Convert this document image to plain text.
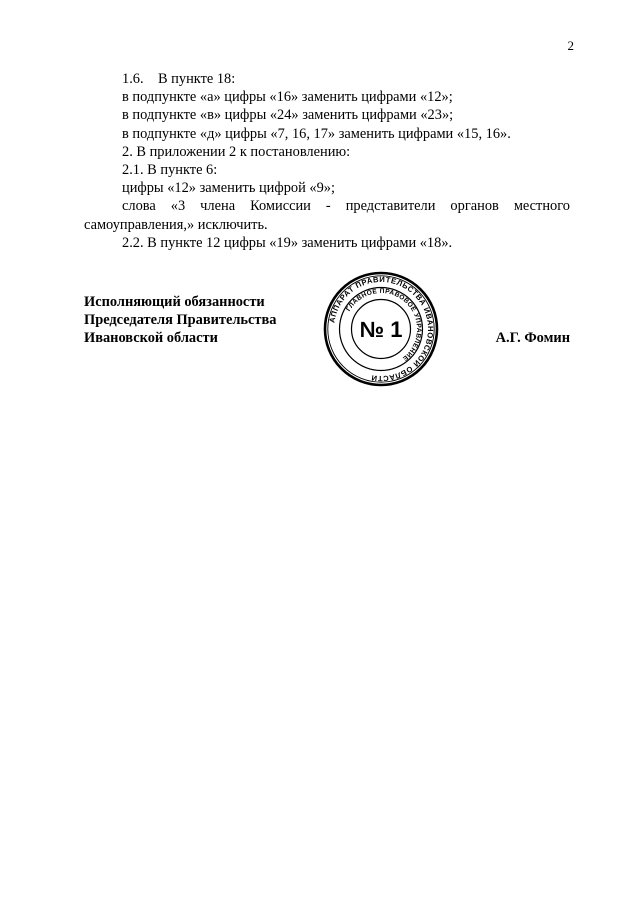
2

1.6.    В пункте 18:

в подпункте «а» цифры «16» заменить цифрами «12»;

в подпункте «в» цифры «24» заменить цифрами «23»;

в подпункте «д» цифры «7, 16, 17» заменить цифрами «15, 16».

2. В приложении 2 к постановлению:

2.1. В пункте 6:

цифры «12» заменить цифрой «9»;

слова «3 члена Комиссии - представители органов местного самоуправления,» исключить.

2.2. В пункте 12 цифры «19» заменить цифрами «18».

Исполняющий обязанности
Председателя Правительства
Ивановской области	А.Г. Фомин
АППАРАТ ПРАВИТЕЛЬСТВА ИВАНОВСКОЙ ОБЛАСТИ
ГЛАВНОЕ ПРАВОВОЕ УПРАВЛЕНИЕ
№ 1
